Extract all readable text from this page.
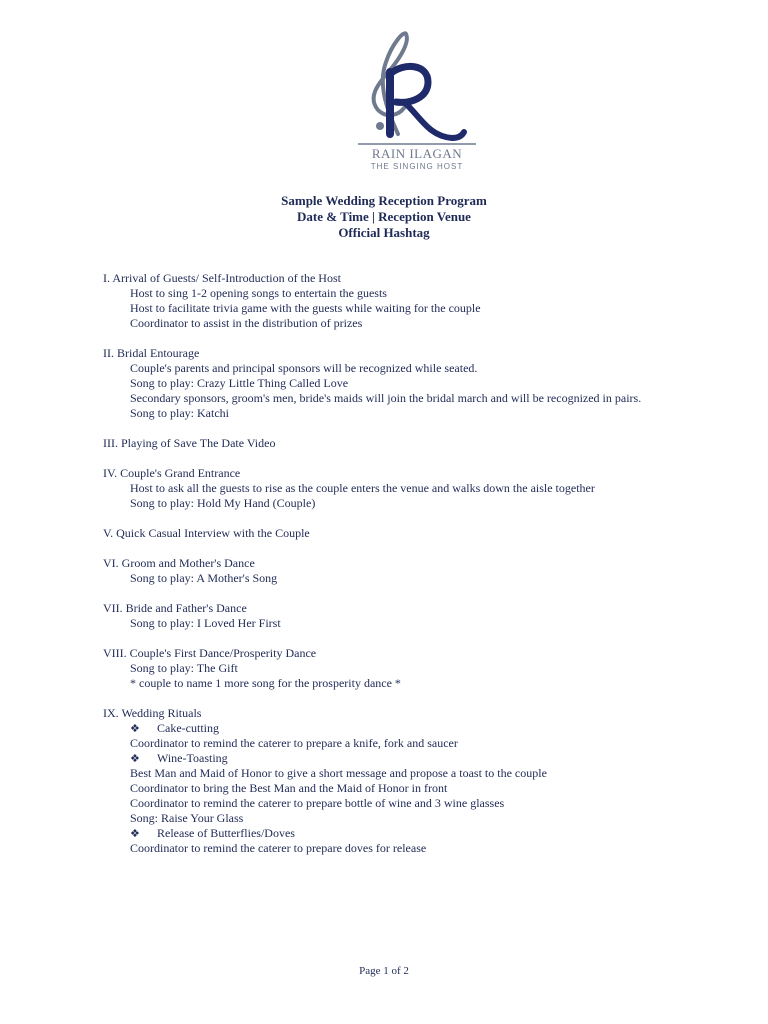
RAIN ILAGAN
THE SINGING HOST
Sample Wedding Reception Program
Date & Time | Reception Venue
Official Hashtag
I. Arrival of Guests/ Self-Introduction of the Host
Host to sing 1-2 opening songs to entertain the guests
Host to facilitate trivia game with the guests while waiting for the couple
Coordinator to assist in the distribution of prizes
II. Bridal Entourage
Couple's parents and principal sponsors will be recognized while seated.
Song to play: Crazy Little Thing Called Love
Secondary sponsors, groom's men, bride's maids will join the bridal march and will be recognized in pairs.
Song to play: Katchi
III. Playing of Save The Date Video
IV. Couple's Grand Entrance
Host to ask all the guests to rise as the couple enters the venue and walks down the aisle together
Song to play: Hold My Hand (Couple)
V. Quick Casual Interview with the Couple
VI. Groom and Mother's Dance
Song to play: A Mother's Song
VII. Bride and Father's Dance
Song to play: I Loved Her First
VIII. Couple's First Dance/Prosperity Dance
Song to play: The Gift
* couple to name 1 more song for the prosperity dance *
IX. Wedding Rituals
❖ Cake-cutting
Coordinator to remind the caterer to prepare a knife, fork and saucer
❖ Wine-Toasting
Best Man and Maid of Honor to give a short message and propose a toast to the couple
Coordinator to bring the Best Man and the Maid of Honor in front
Coordinator to remind the caterer to prepare bottle of wine and 3 wine glasses
Song: Raise Your Glass
❖ Release of Butterflies/Doves
Coordinator to remind the caterer to prepare doves for release
Page 1 of 2
